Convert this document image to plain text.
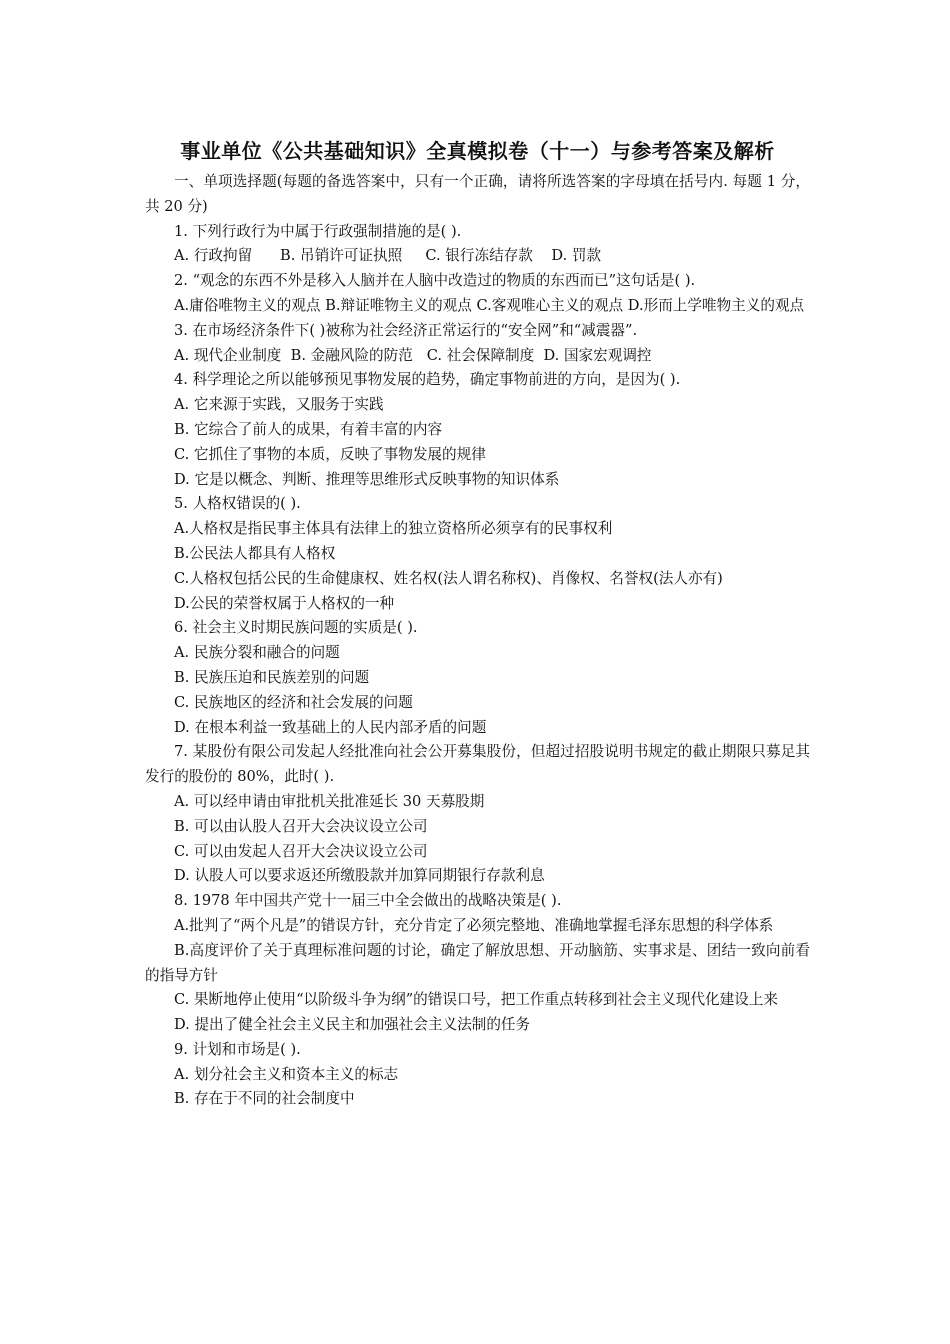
事业单位《公共基础知识》全真模拟卷（十一）与参考答案及解析

一、单项选择题(每题的备选答案中，只有一个正确，请将所选答案的字母填在括号内. 每题 1 分，共 20 分)

1. 下列行政行为中属于行政强制措施的是( ).

A. 行政拘留      B. 吊销许可证执照     C. 银行冻结存款    D. 罚款

2. “观念的东西不外是移入人脑并在人脑中改造过的物质的东西而已”这句话是( ).

A.庸俗唯物主义的观点 B.辩证唯物主义的观点 C.客观唯心主义的观点 D.形而上学唯物主义的观点

3. 在市场经济条件下( )被称为社会经济正常运行的“安全网”和“减震器”.

A. 现代企业制度  B. 金融风险的防范   C. 社会保障制度  D. 国家宏观调控

4. 科学理论之所以能够预见事物发展的趋势，确定事物前进的方向，是因为( ).

A. 它来源于实践，又服务于实践

B. 它综合了前人的成果，有着丰富的内容

C. 它抓住了事物的本质，反映了事物发展的规律

D. 它是以概念、判断、推理等思维形式反映事物的知识体系

5. 人格权错误的( ).

A.人格权是指民事主体具有法律上的独立资格所必须享有的民事权利

B.公民法人都具有人格权

C.人格权包括公民的生命健康权、姓名权(法人谓名称权)、肖像权、名誉权(法人亦有)

D.公民的荣誉权属于人格权的一种

6. 社会主义时期民族问题的实质是( ).

A. 民族分裂和融合的问题

B. 民族压迫和民族差别的问题

C. 民族地区的经济和社会发展的问题

D. 在根本利益一致基础上的人民内部矛盾的问题

7. 某股份有限公司发起人经批准向社会公开募集股份，但超过招股说明书规定的截止期限只募足其发行的股份的 80%，此时( ).

A. 可以经申请由审批机关批准延长 30 天募股期

B. 可以由认股人召开大会决议设立公司

C. 可以由发起人召开大会决议设立公司

D. 认股人可以要求返还所缴股款并加算同期银行存款利息

8. 1978 年中国共产党十一届三中全会做出的战略决策是( ).

A.批判了“两个凡是”的错误方针，充分肯定了必须完整地、准确地掌握毛泽东思想的科学体系

B.高度评价了关于真理标准问题的讨论，确定了解放思想、开动脑筋、实事求是、团结一致向前看的指导方针

C. 果断地停止使用“以阶级斗争为纲”的错误口号，把工作重点转移到社会主义现代化建设上来

D. 提出了健全社会主义民主和加强社会主义法制的任务

9. 计划和市场是( ).

A. 划分社会主义和资本主义的标志

B. 存在于不同的社会制度中
